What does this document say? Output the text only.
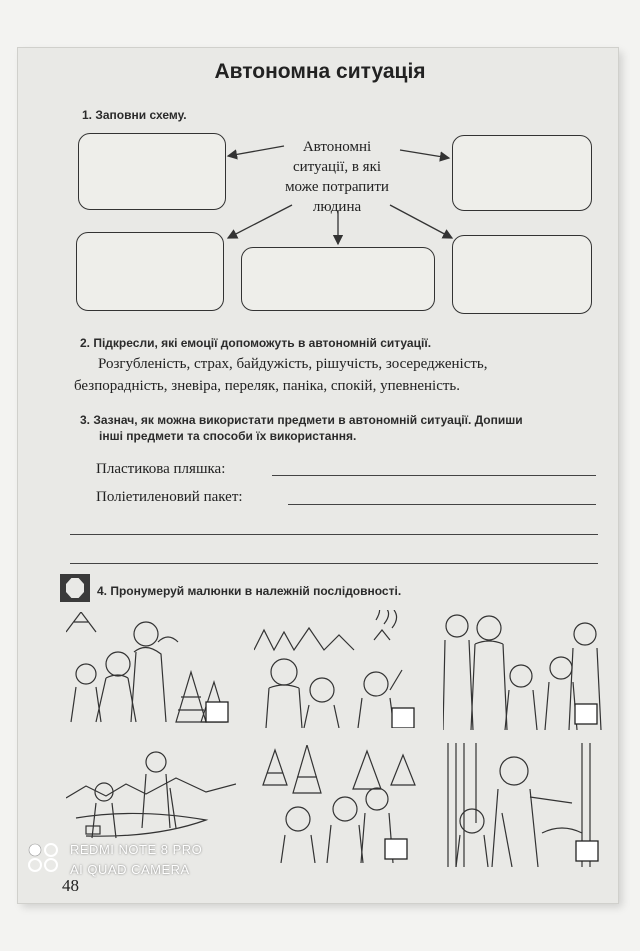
Автономна ситуація
1. Заповни схему.
Автономні
ситуації, в які
може потрапити
людина
2. Підкресли, які емоції допоможуть в автономній ситуації.
Розгубленість, страх, байдужість, рішучість, зосередженість,
безпорадність, зневіра, переляк, паніка, спокій, упевненість.
3. Зазнач, як можна використати предмети в автономній ситуації. Допиши
інші предмети та способи їх використання.
Пластикова пляшка:
Поліетиленовий пакет:
4. Пронумеруй малюнки в належній послідовності.
REDMI NOTE 8 PRO
AI QUAD CAMERA
48
